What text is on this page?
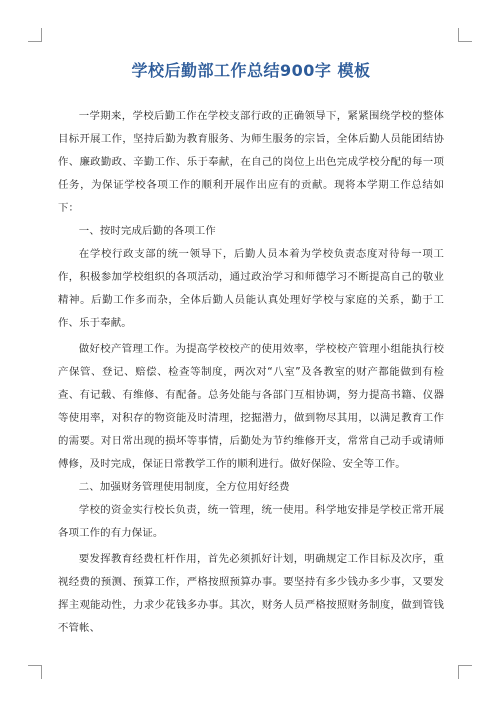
学校后勤部工作总结900字 模板

一学期来，学校后勤工作在学校支部行政的正确领导下，紧紧围绕学校的整体目标开展工作，坚持后勤为教育服务、为师生服务的宗旨，全体后勤人员能团结协作、廉政勤政、辛勤工作、乐于奉献，在自己的岗位上出色完成学校分配的每一项任务，为保证学校各项工作的顺利开展作出应有的贡献。现将本学期工作总结如下：

一、按时完成后勤的各项工作

在学校行政支部的统一领导下，后勤人员本着为学校负责态度对待每一项工作，积极参加学校组织的各项活动，通过政治学习和师德学习不断提高自己的敬业精神。后勤工作多而杂，全体后勤人员能认真处理好学校与家庭的关系，勤于工作、乐于奉献。

做好校产管理工作。为提高学校校产的使用效率，学校校产管理小组能执行校产保管、登记、赔偿、检查等制度，两次对“八室”及各教室的财产都能做到有检查、有记载、有维修、有配备。总务处能与各部门互相协调，努力提高书籍、仪器等使用率，对积存的物资能及时清理，挖掘潜力，做到物尽其用，以满足教育工作的需要。对日常出现的损坏等事情，后勤处为节约维修开支，常常自己动手或请师傅修，及时完成，保证日常教学工作的顺利进行。做好保险、安全等工作。

二、加强财务管理使用制度，全方位用好经费

学校的资金实行校长负责，统一管理，统一使用。科学地安排是学校正常开展各项工作的有力保证。

要发挥教育经费杠杆作用，首先必须抓好计划，明确规定工作目标及次序，重视经费的预测、预算工作，严格按照预算办事。要坚持有多少钱办多少事，又要发挥主观能动性，力求少花钱多办事。其次，财务人员严格按照财务制度，做到管钱不管帐、
